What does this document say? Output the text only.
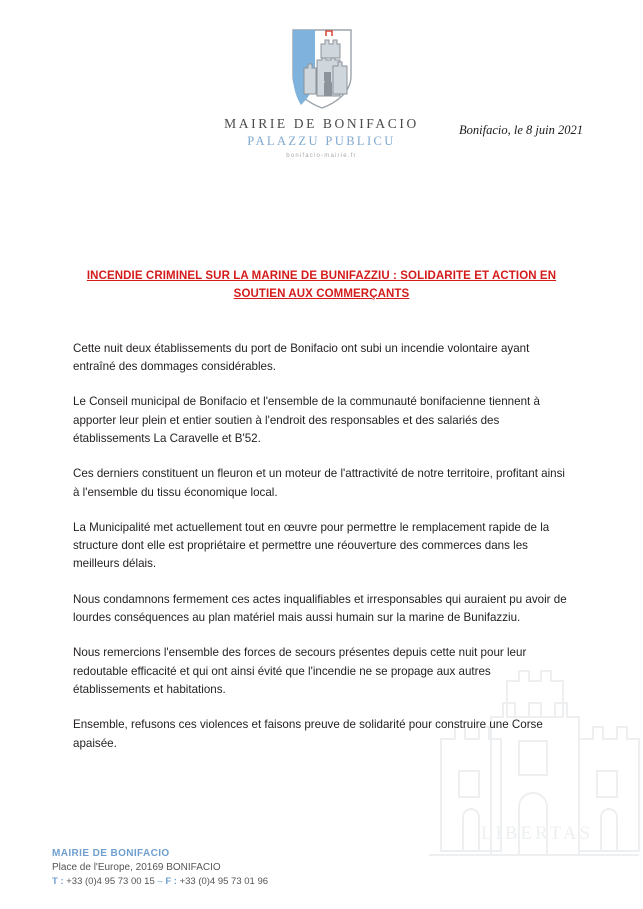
LIBERTAS

MAIRIE DE BONIFACIO

PALAZZU PUBLICU

bonifacio-mairie.fr

Bonifacio, le 8 juin 2021
INCENDIE CRIMINEL SUR LA MARINE DE BUNIFAZZIU : SOLIDARITE ET ACTION EN
SOUTIEN AUX COMMERÇANTS

Cette nuit deux établissements du port de Bonifacio ont subi un incendie volontaire ayant entraîné des dommages considérables.

Le Conseil municipal de Bonifacio et l'ensemble de la communauté bonifacienne tiennent à apporter leur plein et entier soutien à l'endroit des responsables et des salariés des établissements La Caravelle et B'52.

Ces derniers constituent un fleuron et un moteur de l'attractivité de notre territoire, profitant ainsi à l'ensemble du tissu économique local.

La Municipalité met actuellement tout en œuvre pour permettre le remplacement rapide de la structure dont elle est propriétaire et permettre une réouverture des commerces dans les meilleurs délais.

Nous condamnons fermement ces actes inqualifiables et irresponsables qui auraient pu avoir de lourdes conséquences au plan matériel mais aussi humain sur la marine de Bunifazziu.

Nous remercions l'ensemble des forces de secours présentes depuis cette nuit pour leur redoutable efficacité et qui ont ainsi évité que l'incendie ne se propage aux autres établissements et habitations.

Ensemble, refusons ces violences et faisons preuve de solidarité pour construire une Corse apaisée.

MAIRIE DE BONIFACIO

Place de l'Europe, 20169 BONIFACIO

T : +33 (0)4 95 73 00 15 – F : +33 (0)4 95 73 01 96
